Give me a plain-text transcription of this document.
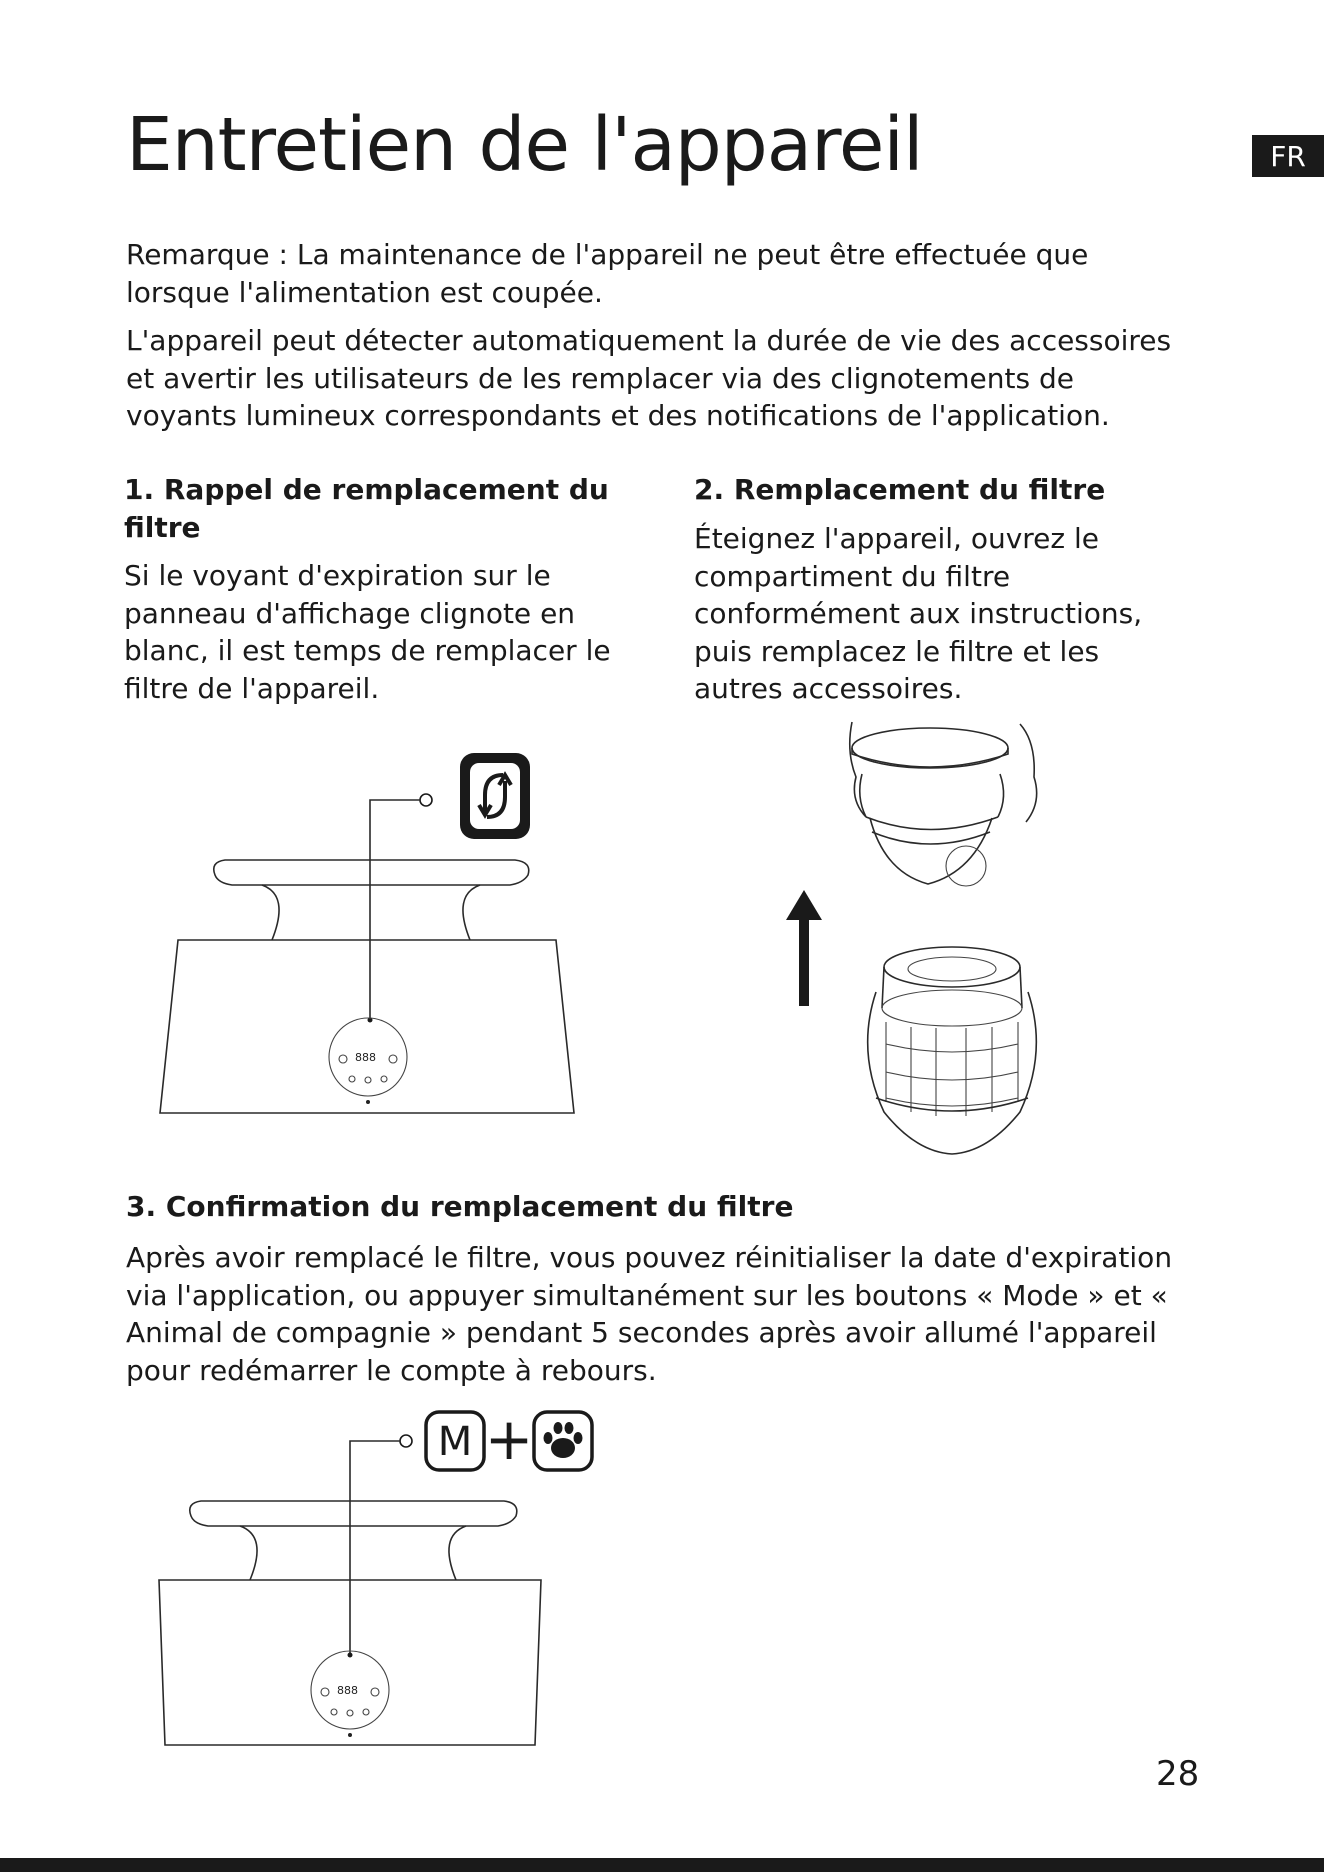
Entretien de l'appareil	FR

Remarque : La maintenance de l'appareil ne peut être effectuée que lorsque l'alimentation est coupée.

L'appareil peut détecter automatiquement la durée de vie des accessoires et avertir les utilisateurs de les remplacer via des clignotements de voyants lumineux correspondants et des notifications de l'application.

1. Rappel de remplacement du filtre

Si le voyant d'expiration sur le panneau d'affichage clignote en blanc, il est temps de remplacer le filtre de l'appareil.

2. Remplacement du filtre

Éteignez l'appareil, ouvrez le compartiment du filtre conformément aux instructions, puis remplacez le filtre et les autres accessoires.

3. Confirmation du remplacement du filtre

Après avoir remplacé le filtre, vous pouvez réinitialiser la date d'expiration via l'application, ou appuyer simultanément sur les boutons « Mode » et « Animal de compagnie » pendant 5 secondes après avoir allumé l'appareil pour redémarrer le compte à rebours.

888
M +
888
28
